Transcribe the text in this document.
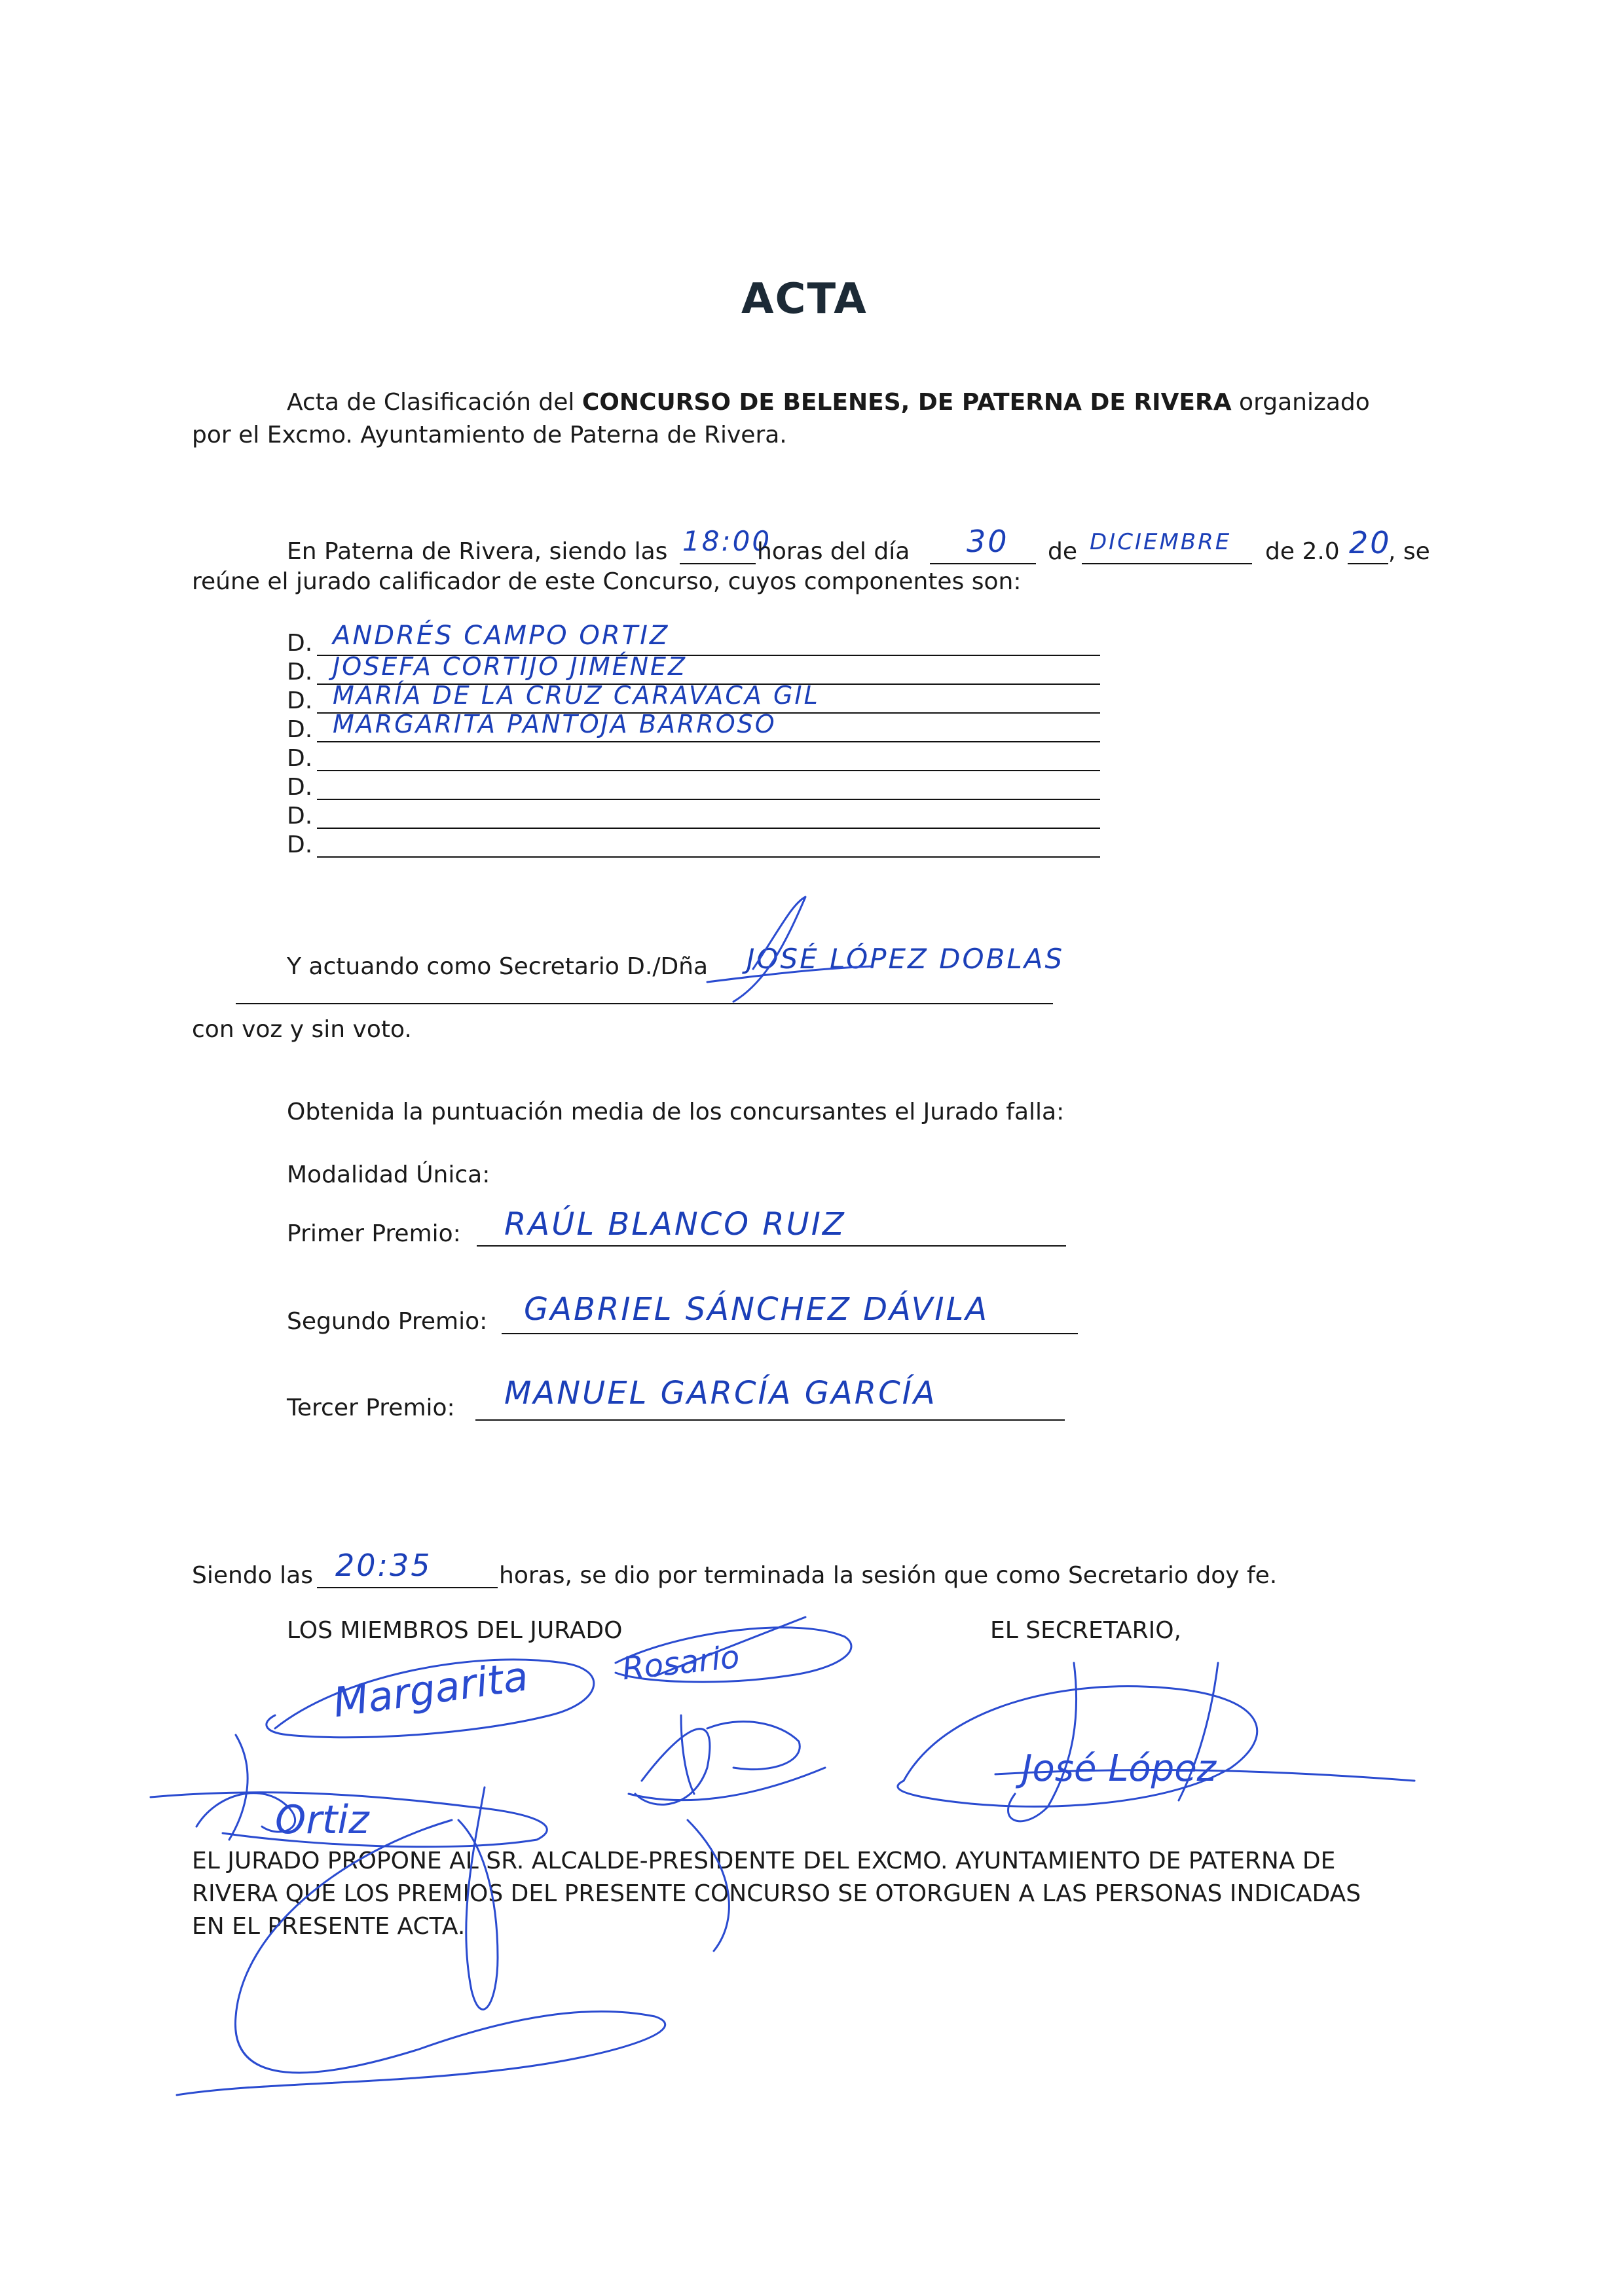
ACTA
Acta de Clasificación del CONCURSO DE BELENES, DE PATERNA DE RIVERA organizado
por el Excmo. Ayuntamiento de Paterna de Rivera.
En Paterna de Rivera, siendo las 18:00
horas del día 30 de DICIEMBRE de 2.0 20
, se
reúne el jurado calificador de este Concurso, cuyos componentes son:
D. ANDRÉS CAMPO ORTIZ
D. JOSEFA CORTIJO JIMÉNEZ
D. MARÍA DE LA CRUZ CARAVACA GIL
D. MARGARITA PANTOJA BARROSO
D.
D.
D.
D.
Y actuando como Secretario D./Dña JOSÉ LÓPEZ DOBLAS
con voz y sin voto.
Obtenida la puntuación media de los concursantes el Jurado falla:
Modalidad Única:
Primer Premio: RAÚL BLANCO RUIZ
Segundo Premio: GABRIEL SÁNCHEZ DÁVILA
Tercer Premio: MANUEL GARCÍA GARCÍA
Siendo las 20:35	horas, se dio por terminada la sesión que como Secretario doy fe.
LOS MIEMBROS DEL JURADO	EL SECRETARIO,
EL JURADO PROPONE AL SR. ALCALDE-PRESIDENTE DEL EXCMO. AYUNTAMIENTO DE PATERNA DE
RIVERA QUE LOS PREMIOS DEL PRESENTE CONCURSO SE OTORGUEN A LAS PERSONAS INDICADAS
EN EL PRESENTE ACTA.
Margarita	Rosario
Ortiz
José López
